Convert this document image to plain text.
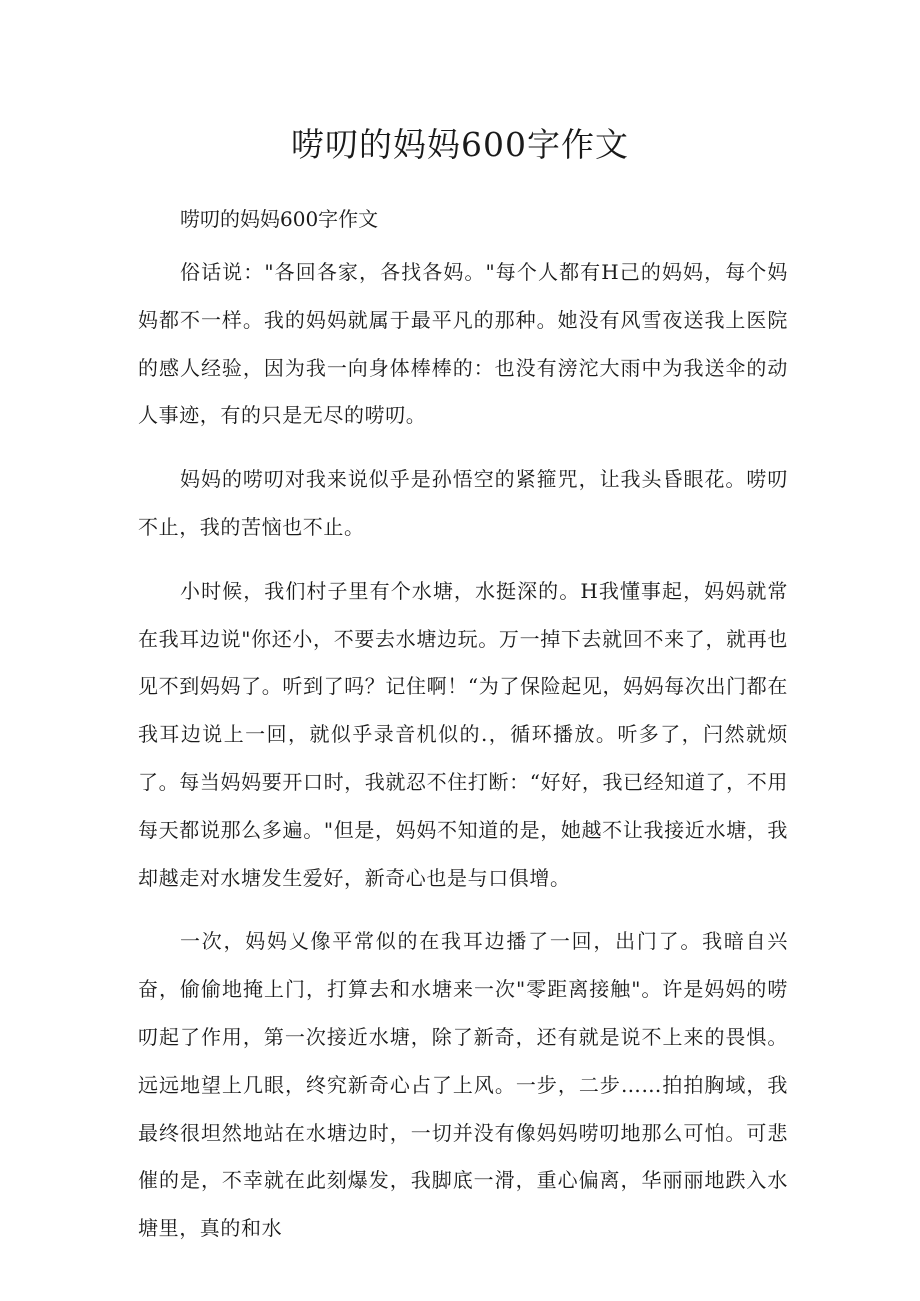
唠叨的妈妈600字作文

唠叨的妈妈600字作文

俗话说："各回各家，各找各妈。"每个人都有H己的妈妈，每个妈妈都不一样。我的妈妈就属于最平凡的那种。她没有风雪夜送我上医院的感人经验，因为我一向身体棒棒的：也没有滂沱大雨中为我送伞的动人事迹，有的只是无尽的唠叨。

妈妈的唠叨对我来说似乎是孙悟空的紧箍咒，让我头昏眼花。唠叨不止，我的苦恼也不止。

小时候，我们村子里有个水塘，水挺深的。H我懂事起，妈妈就常在我耳边说"你还小，不要去水塘边玩。万一掉下去就回不来了，就再也见不到妈妈了。听到了吗？记住啊！“为了保险起见，妈妈每次出门都在我耳边说上一回，就似乎录音机似的.，循环播放。听多了，闩然就烦了。每当妈妈要开口时，我就忍不住打断：“好好，我已经知道了，不用每天都说那么多遍。"但是，妈妈不知道的是，她越不让我接近水塘，我却越走对水塘发生爱好，新奇心也是与口俱增。

一次，妈妈乂像平常似的在我耳边播了一回，出门了。我暗自兴奋，偷偷地掩上门，打算去和水塘来一次"零距离接触"。许是妈妈的唠叨起了作用，第一次接近水塘，除了新奇，还有就是说不上来的畏惧。远远地望上几眼，终究新奇心占了上风。一步，二步……拍拍胸域，我最终很坦然地站在水塘边时，一切并没有像妈妈唠叨地那么可怕。可悲催的是，不幸就在此刻爆发，我脚底一滑，重心偏离，华丽丽地跌入水塘里，真的和水
